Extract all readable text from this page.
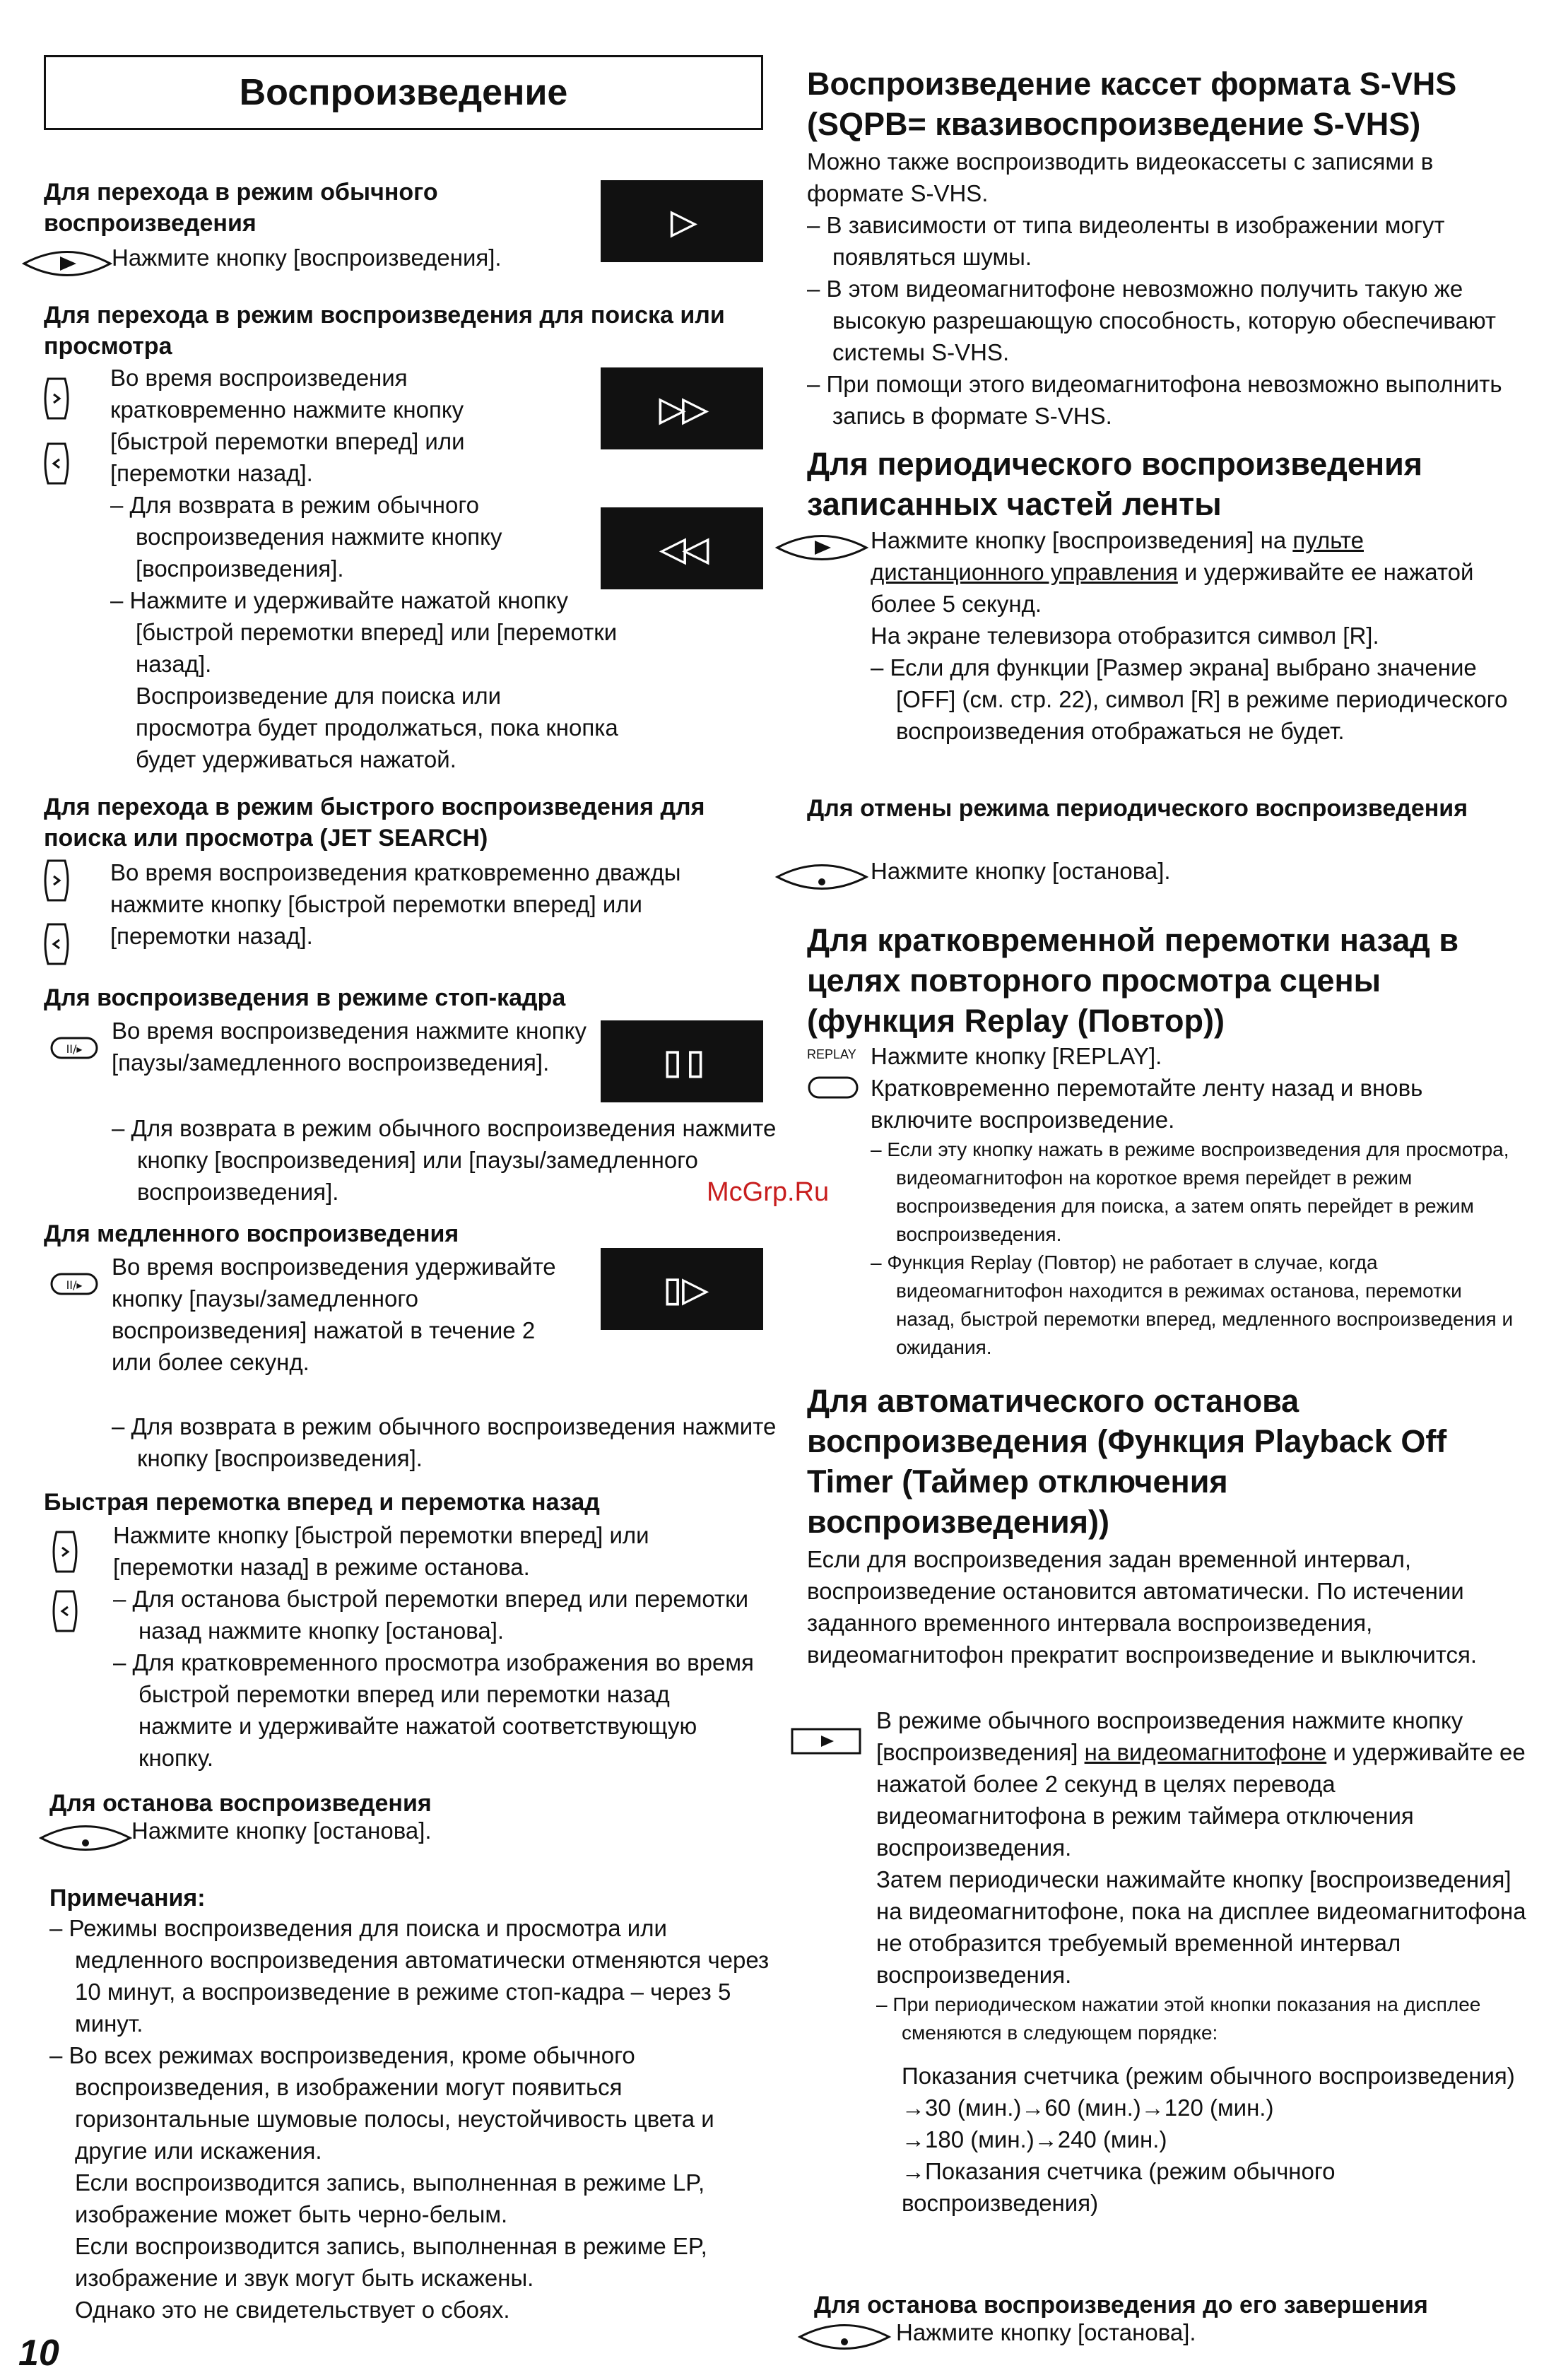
Воспроизведение

Для перехода в режим обычного воспроизведения

Нажмите кнопку [воспроизведения].

▷

Для перехода в режим воспроизведения для поиска или просмотра

Во время воспроизведения кратковременно нажмите кнопку [быстрой перемотки вперед] или [перемотки назад].

– Для возврата в режим обычного воспроизведения нажмите кнопку [воспроизведения].

– Нажмите и удерживайте нажатой кнопку [быстрой перемотки вперед] или [перемотки назад].

Воспроизведение для поиска или просмотра будет продолжаться, пока кнопка будет удерживаться нажатой.

▷▷
◁◁

Для перехода в режим быстрого воспроизведения для поиска или просмотра (JET SEARCH)

Во время воспроизведения кратковременно дважды нажмите кнопку [быстрой перемотки вперед] или [перемотки назад].

Для воспроизведения в режиме стоп-кадра

II/▸

Во время воспроизведения нажмите кнопку [паузы/замедленного воспроизведения].

– Для возврата в режим обычного воспроизведения нажмите кнопку [воспроизведения] или [паузы/замедленного воспроизведения].

▯▯

Для медленного воспроизведения

II/▸

Во время воспроизведения удерживайте кнопку [паузы/замедленного воспроизведения] нажатой в течение 2 или более секунд.

– Для возврата в режим обычного воспроизведения нажмите кнопку [воспроизведения].

▯▷

Быстрая перемотка вперед и перемотка назад

Нажмите кнопку [быстрой перемотки вперед] или [перемотки назад] в режиме останова.

– Для останова быстрой перемотки вперед или перемотки назад нажмите кнопку [останова].

– Для кратковременного просмотра изображения во время быстрой перемотки вперед или перемотки назад нажмите и удерживайте нажатой соответствующую кнопку.

Для останова воспроизведения

Нажмите кнопку [останова].

Примечания:

– Режимы воспроизведения для поиска и просмотра или медленного воспроизведения автоматически отменяются через 10 минут, а воспроизведение в режиме стоп-кадра – через 5 минут.

– Во всех режимах воспроизведения, кроме обычного воспроизведения, в изображении могут появиться горизонтальные шумовые полосы, неустойчивость цвета и другие или искажения.

Если воспроизводится запись, выполненная в режиме LP, изображение может быть черно-белым.

Если воспроизводится запись, выполненная в режиме EP, изображение и звук могут быть искажены.

Однако это не свидетельствует о сбоях.

10
McGrp.Ru

Воспроизведение кассет формата S-VHS (SQPB= квазивоспроизведение S-VHS)

Можно также воспроизводить видеокассеты с записями в формате S-VHS.

– В зависимости от типа видеоленты в изображении могут появляться шумы.

– В этом видеомагнитофоне невозможно получить такую же высокую разрешающую способность, которую обеспечивают системы S-VHS.

– При помощи этого видеомагнитофона невозможно выполнить запись в формате S-VHS.

Для периодического воспроизведения записанных частей ленты

Нажмите кнопку [воспроизведения] на пульте дистанционного управления и удерживайте ее нажатой более 5 секунд.

На экране телевизора отобразится символ [R].

– Если для функции [Размер экрана] выбрано значение [OFF] (см. стр. 22), символ [R] в режиме периодического воспроизведения отображаться не будет.

Для отмены режима периодического воспроизведения

Нажмите кнопку [останова].

Для кратковременной перемотки назад в целях повторного просмотра сцены (функция Replay (Повтор))

REPLAY Нажмите кнопку [REPLAY].

Кратковременно перемотайте ленту назад и вновь включите воспроизведение.

– Если эту кнопку нажать в режиме воспроизведения для просмотра, видеомагнитофон на короткое время перейдет в режим воспроизведения для поиска, а затем опять перейдет в режим воспроизведения.

– Функция Replay (Повтор) не работает в случае, когда видеомагнитофон находится в режимах останова, перемотки назад, быстрой перемотки вперед, медленного воспроизведения и ожидания.

Для автоматического останова воспроизведения (Функция Playback Off Timer (Таймер отключения воспроизведения))

Если для воспроизведения задан временной интервал, воспроизведение остановится автоматически. По истечении заданного временного интервала воспроизведения, видеомагнитофон прекратит воспроизведение и выключится.

В режиме обычного воспроизведения нажмите кнопку [воспроизведения] на видеомагнитофоне и удерживайте ее нажатой более 2 секунд в целях перевода видеомагнитофона в режим таймера отключения воспроизведения.

Затем периодически нажимайте кнопку [воспроизведения] на видеомагнитофоне, пока на дисплее видеомагнитофона не отобразится требуемый временной интервал воспроизведения.

– При периодическом нажатии этой кнопки показания на дисплее сменяются в следующем порядке:

Показания счетчика (режим обычного воспроизведения)

→30 (мин.)→60 (мин.)→120 (мин.)

→180 (мин.)→240 (мин.)

→Показания счетчика (режим обычного воспроизведения)

Для останова воспроизведения до его завершения

Нажмите кнопку [останова].
